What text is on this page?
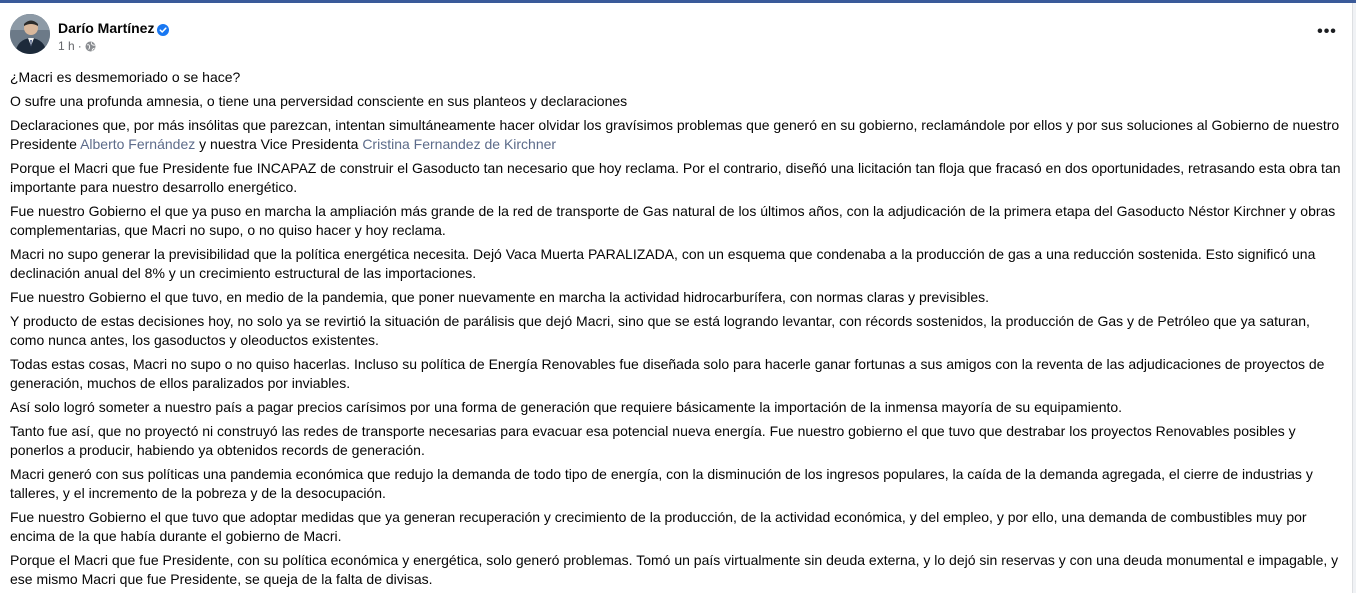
Darío Martínez
1 h ·
•••

¿Macri es desmemoriado o se hace?

O sufre una profunda amnesia, o tiene una perversidad consciente en sus planteos y declaraciones

Declaraciones que, por más insólitas que parezcan, intentan simultáneamente hacer olvidar los gravísimos problemas que generó en su gobierno, reclamándole por ellos y por sus soluciones al Gobierno de nuestro Presidente Alberto Fernández y nuestra Vice Presidenta Cristina Fernandez de Kirchner

Porque el Macri que fue Presidente fue INCAPAZ de construir el Gasoducto tan necesario que hoy reclama. Por el contrario, diseñó una licitación tan floja que fracasó en dos oportunidades, retrasando esta obra tan importante para nuestro desarrollo energético.

Fue nuestro Gobierno el que ya puso en marcha la ampliación más grande de la red de transporte de Gas natural de los últimos años, con la adjudicación de la primera etapa del Gasoducto Néstor Kirchner y obras complementarias, que Macri no supo, o no quiso hacer y hoy reclama.

Macri no supo generar la previsibilidad que la política energética necesita. Dejó Vaca Muerta PARALIZADA, con un esquema que condenaba a la producción de gas a una reducción sostenida. Esto significó una declinación anual del 8% y un crecimiento estructural de las importaciones.

Fue nuestro Gobierno el que tuvo, en medio de la pandemia, que poner nuevamente en marcha la actividad hidrocarburífera, con normas claras y previsibles.

Y producto de estas decisiones hoy, no solo ya se revirtió la situación de parálisis que dejó Macri, sino que se está logrando levantar, con récords sostenidos, la producción de Gas y de Petróleo que ya saturan, como nunca antes, los gasoductos y oleoductos existentes.

Todas estas cosas, Macri no supo o no quiso hacerlas. Incluso su política de Energía Renovables fue diseñada solo para hacerle ganar fortunas a sus amigos con la reventa de las adjudicaciones de proyectos de generación, muchos de ellos paralizados por inviables.

Así solo logró someter a nuestro país a pagar precios carísimos por una forma de generación que requiere básicamente la importación de la inmensa mayoría de su equipamiento.

Tanto fue así, que no proyectó ni construyó las redes de transporte necesarias para evacuar esa potencial nueva energía. Fue nuestro gobierno el que tuvo que destrabar los proyectos Renovables posibles y ponerlos a producir, habiendo ya obtenidos records de generación.

Macri generó con sus políticas una pandemia económica que redujo la demanda de todo tipo de energía, con la disminución de los ingresos populares, la caída de la demanda agregada, el cierre de industrias y talleres, y el incremento de la pobreza y de la desocupación.

Fue nuestro Gobierno el que tuvo que adoptar medidas que ya generan recuperación y crecimiento de la producción, de la actividad económica, y del empleo, y por ello, una demanda de combustibles muy por encima de la que había durante el gobierno de Macri.

Porque el Macri que fue Presidente, con su política económica y energética, solo generó problemas. Tomó un país virtualmente sin deuda externa, y lo dejó sin reservas y con una deuda monumental e impagable, y ese mismo Macri que fue Presidente, se queja de la falta de divisas.
